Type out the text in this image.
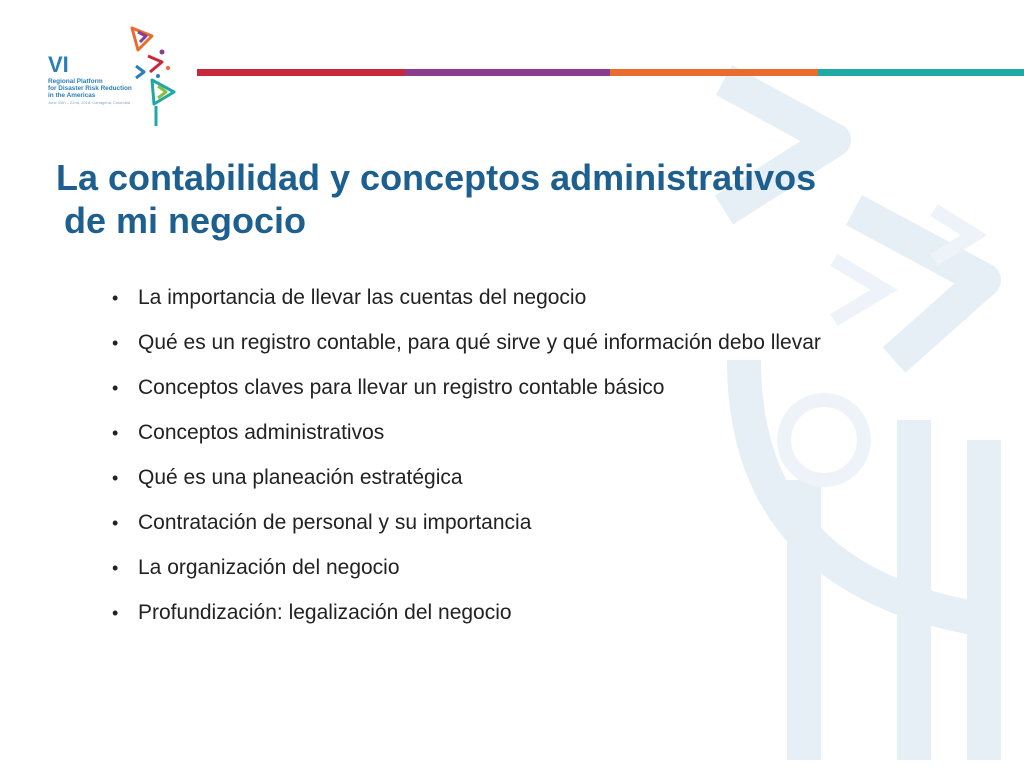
VI
Regional Platform
for Disaster Risk Reduction
in the Americas
June 20th – 22nd, 2018, Cartagena, Colombia
La contabilidad y conceptos administrativos
de mi negocio
• La importancia de llevar las cuentas del negocio
• Qué es un registro contable, para qué sirve y qué información debo llevar
• Conceptos claves para llevar un registro contable básico
• Conceptos administrativos
• Qué es una planeación estratégica
• Contratación de personal y su importancia
• La organización del negocio
• Profundización: legalización del negocio
